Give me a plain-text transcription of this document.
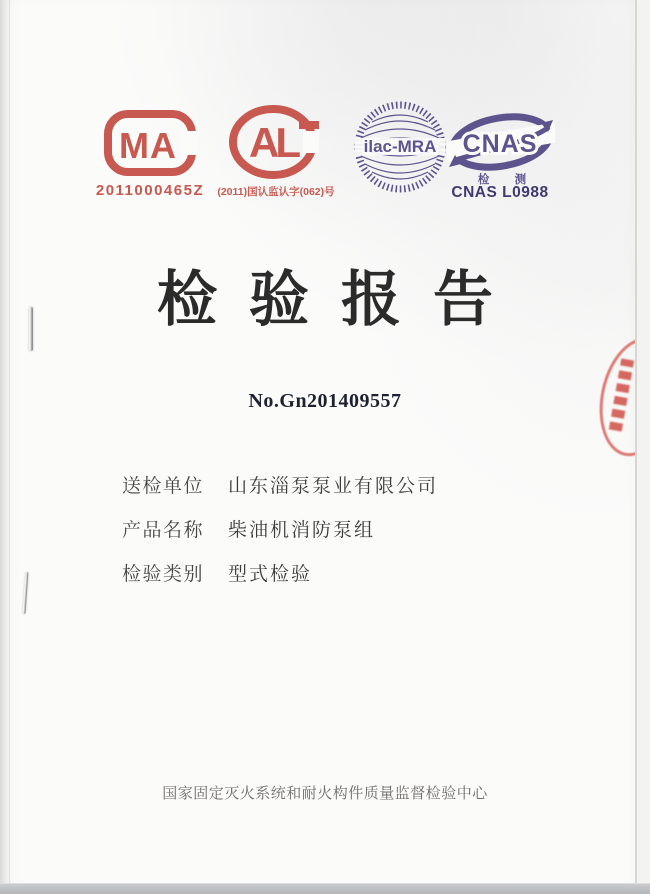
MA
2011000465Z
AL
(2011)国认监认字(062)号
ilac-MRA CNAS
检 测
CNAS L0988
检验报告
No.Gn201409557
送检单位 山东淄泵泵业有限公司
产品名称 柴油机消防泵组
检验类别 型式检验
国家固定灭火系统和耐火构件质量监督检验中心
